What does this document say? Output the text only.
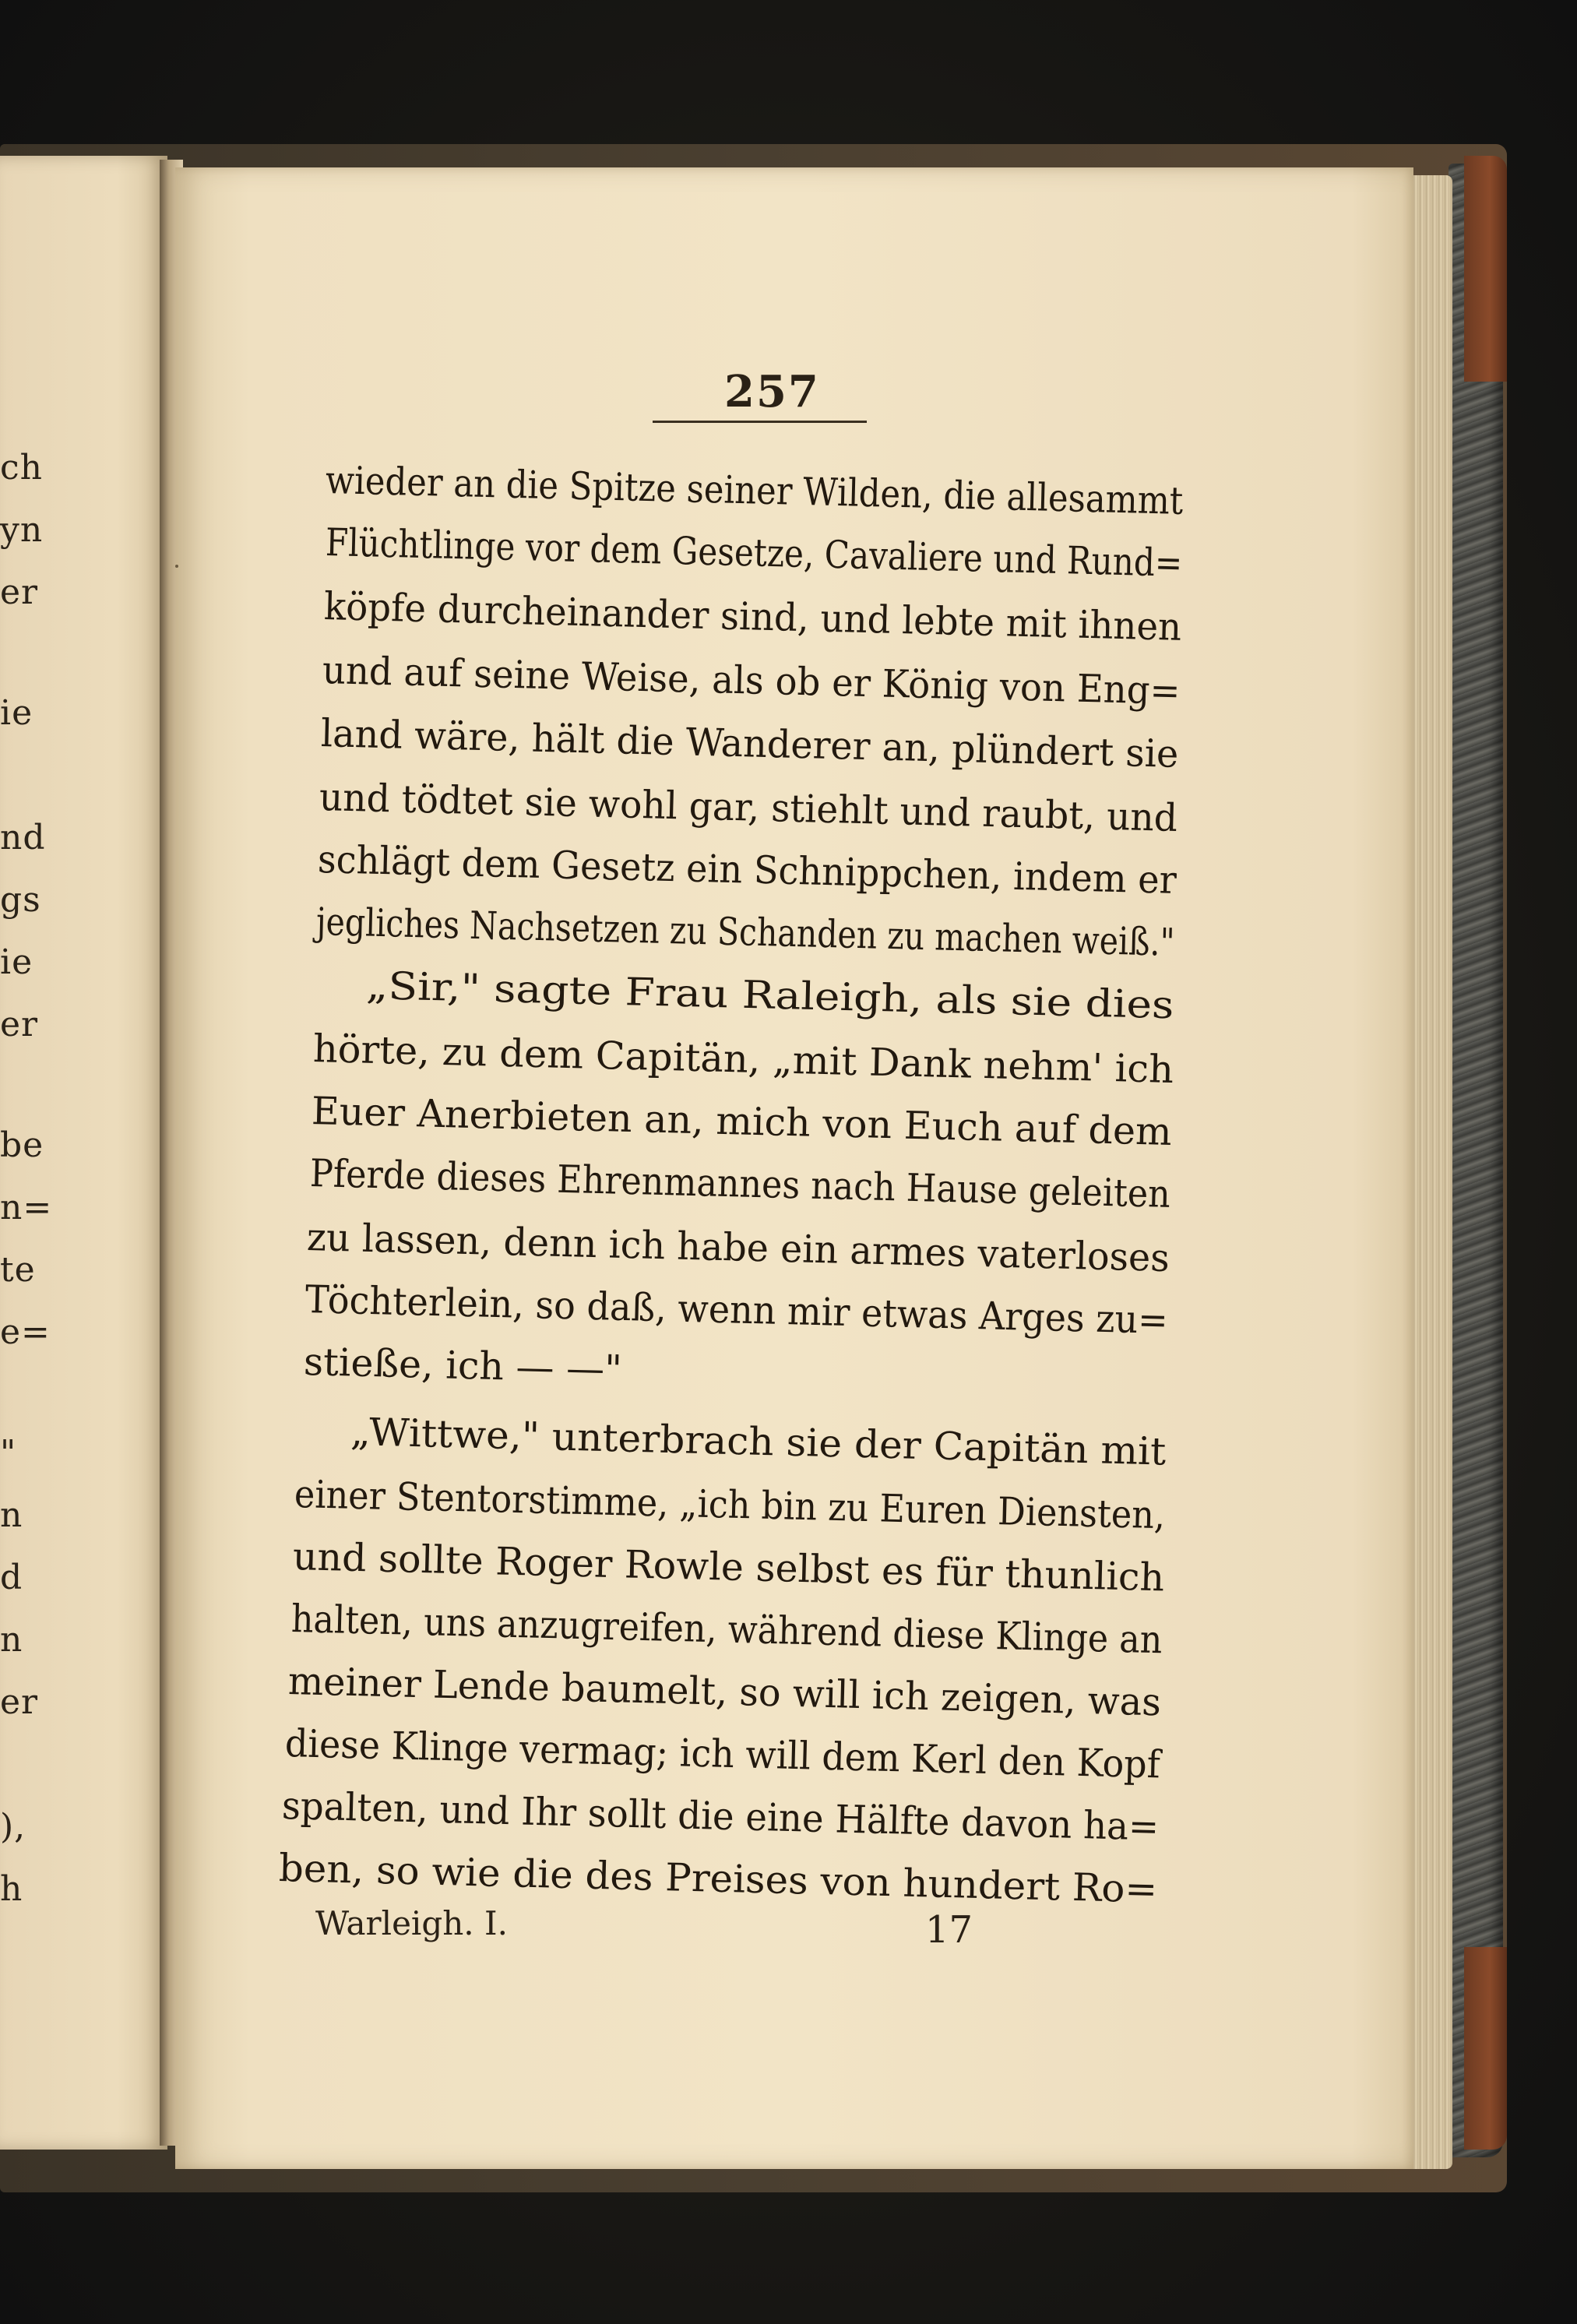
ch
yn
er
ie
nd
gs
ie
er
be
n=
te
e=
"
n
d
n
er
),
h
257
wieder an die Spitze seiner Wilden, die allesammt
Flüchtlinge vor dem Gesetze, Cavaliere und Rund=
köpfe durcheinander sind, und lebte mit ihnen
und auf seine Weise, als ob er König von Eng=
land wäre, hält die Wanderer an, plündert sie
und tödtet sie wohl gar, stiehlt und raubt, und
schlägt dem Gesetz ein Schnippchen, indem er
jegliches Nachsetzen zu Schanden zu machen weiß."
„Sir," sagte Frau Raleigh, als sie dies
hörte, zu dem Capitän, „mit Dank nehm' ich
Euer Anerbieten an, mich von Euch auf dem
Pferde dieses Ehrenmannes nach Hause geleiten
zu lassen, denn ich habe ein armes vaterloses
Töchterlein, so daß, wenn mir etwas Arges zu=
stieße, ich — —"
„Wittwe," unterbrach sie der Capitän mit
einer Stentorstimme, „ich bin zu Euren Diensten,
und sollte Roger Rowle selbst es für thunlich
halten, uns anzugreifen, während diese Klinge an
meiner Lende baumelt, so will ich zeigen, was
diese Klinge vermag; ich will dem Kerl den Kopf
spalten, und Ihr sollt die eine Hälfte davon ha=
ben, so wie die des Preises von hundert Ro=
Warleigh. I.	17
